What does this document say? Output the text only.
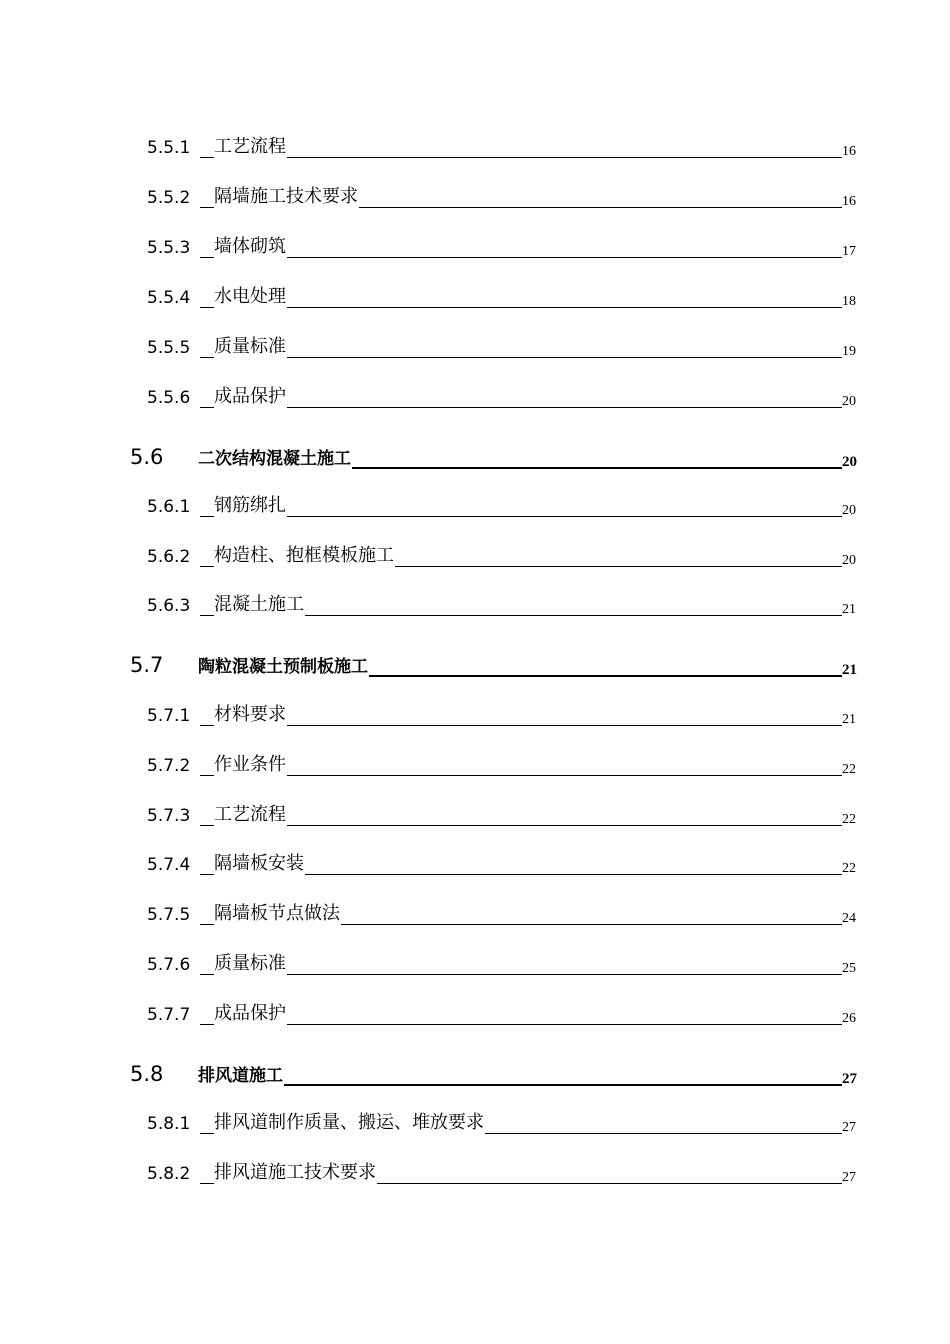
5.5.1 工艺流程	16
5.5.2 隔墙施工技术要求	16
5.5.3 墙体砌筑	17
5.5.4 水电处理	18
5.5.5 质量标准	19
5.5.6 成品保护	20
5.6 二次结构混凝土施工	20
5.6.1 钢筋绑扎	20
5.6.2 构造柱、抱框模板施工	20
5.6.3 混凝土施工	21
5.7 陶粒混凝土预制板施工	21
5.7.1 材料要求	21
5.7.2 作业条件	22
5.7.3 工艺流程	22
5.7.4 隔墙板安装	22
5.7.5 隔墙板节点做法	24
5.7.6 质量标准	25
5.7.7 成品保护	26
5.8 排风道施工	27
5.8.1 排风道制作质量、搬运、堆放要求	27
5.8.2 排风道施工技术要求	27
